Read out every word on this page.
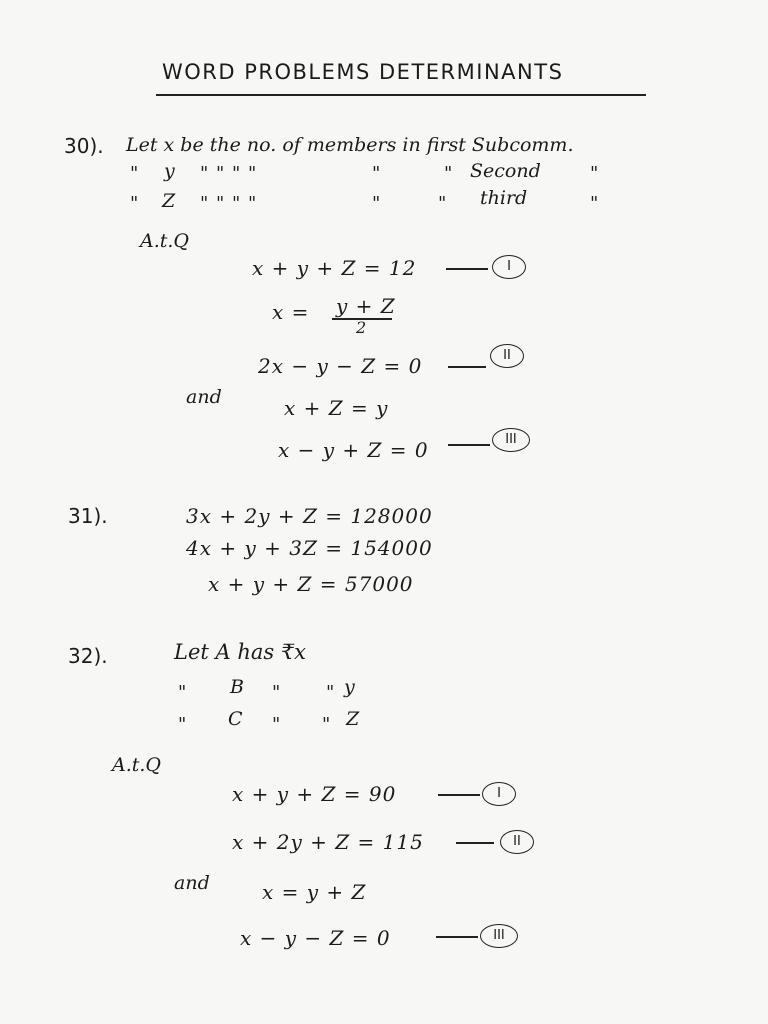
WORD PROBLEMS DETERMINANTS
30). Let x be the no. of members in first Subcomm.
" y " " " "	"	" Second	"
" Z " " " "	"	" third	"
A.t.Q
x + y + Z = 12	I
x = y + Z
2
2x − y − Z = 0	II
and	x + Z = y
x − y + Z = 0	III
31).	3x + 2y + Z = 128000
4x + y + 3Z = 154000
x + y + Z = 57000
32).	Let A has ₹x
" B " " y
" C " " Z
A.t.Q
x + y + Z = 90	I
x + 2y + Z = 115	II
and	x = y + Z
x − y − Z = 0	III
